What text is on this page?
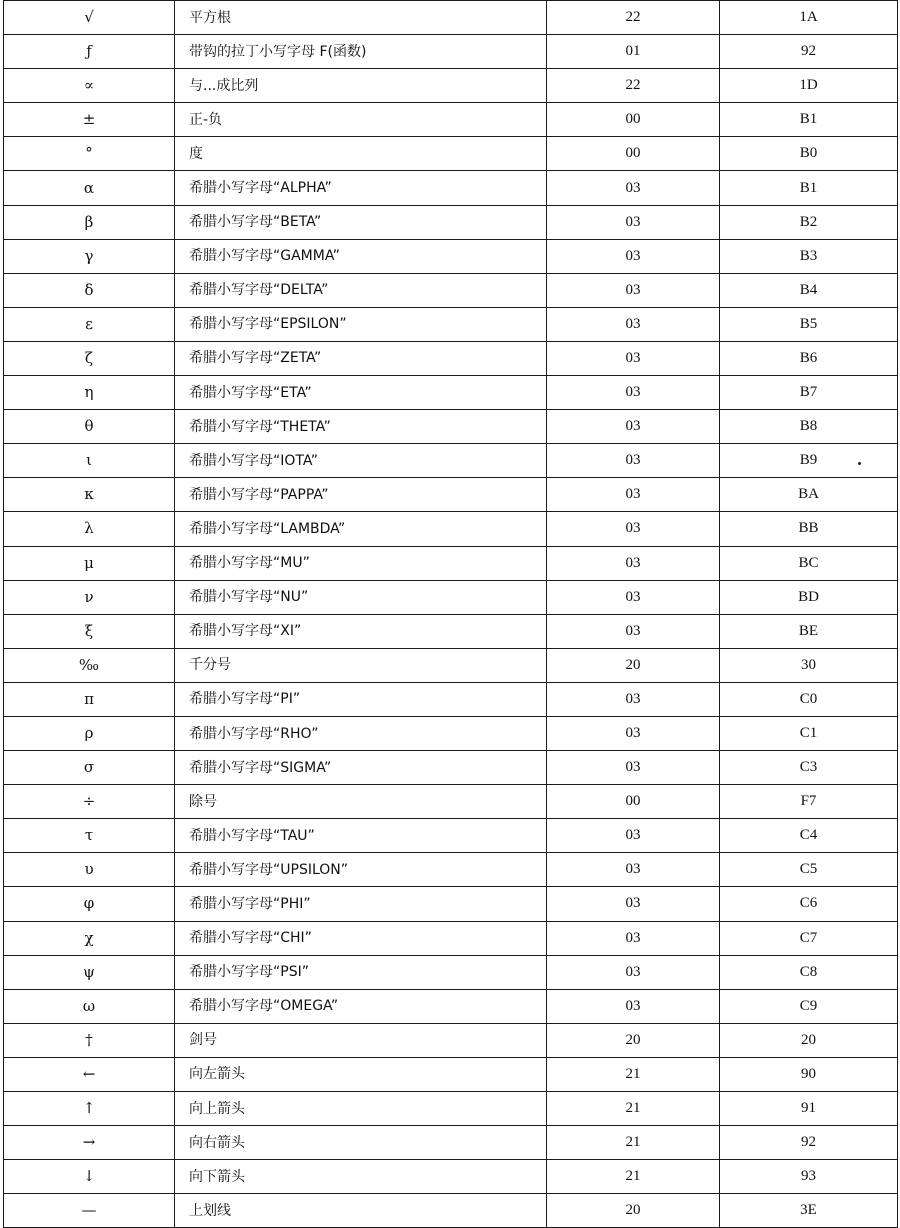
√	平方根	22	1A
ƒ	带钩的拉丁小写字母 F(函数)	01	92
∝	与...成比列	22	1D
±	正-负	00	B1
°	度	00	B0
α	希腊小写字母“ALPHA”	03	B1
β	希腊小写字母“BETA”	03	B2
γ	希腊小写字母“GAMMA”	03	B3
δ	希腊小写字母“DELTA”	03	B4
ε	希腊小写字母“EPSILON”	03	B5
ζ	希腊小写字母“ZETA”	03	B6
η	希腊小写字母“ETA”	03	B7
θ	希腊小写字母“THETA”	03	B8
ι	希腊小写字母“IOTA”	03	B9
κ	希腊小写字母“PAPPA”	03	BA
λ	希腊小写字母“LAMBDA”	03	BB
μ	希腊小写字母“MU”	03	BC
ν	希腊小写字母“NU”	03	BD
ξ	希腊小写字母“XI”	03	BE
‰	千分号	20	30
π	希腊小写字母“PI”	03	C0
ρ	希腊小写字母“RHO”	03	C1
σ	希腊小写字母“SIGMA”	03	C3
÷	除号	00	F7
τ	希腊小写字母“TAU”	03	C4
υ	希腊小写字母“UPSILON”	03	C5
φ	希腊小写字母“PHI”	03	C6
χ	希腊小写字母“CHI”	03	C7
ψ	希腊小写字母“PSI”	03	C8
ω	希腊小写字母“OMEGA”	03	C9
†	剑号	20	20
←	向左箭头	21	90
↑	向上箭头	21	91
→	向右箭头	21	92
↓	向下箭头	21	93
—	上划线	20	3E
